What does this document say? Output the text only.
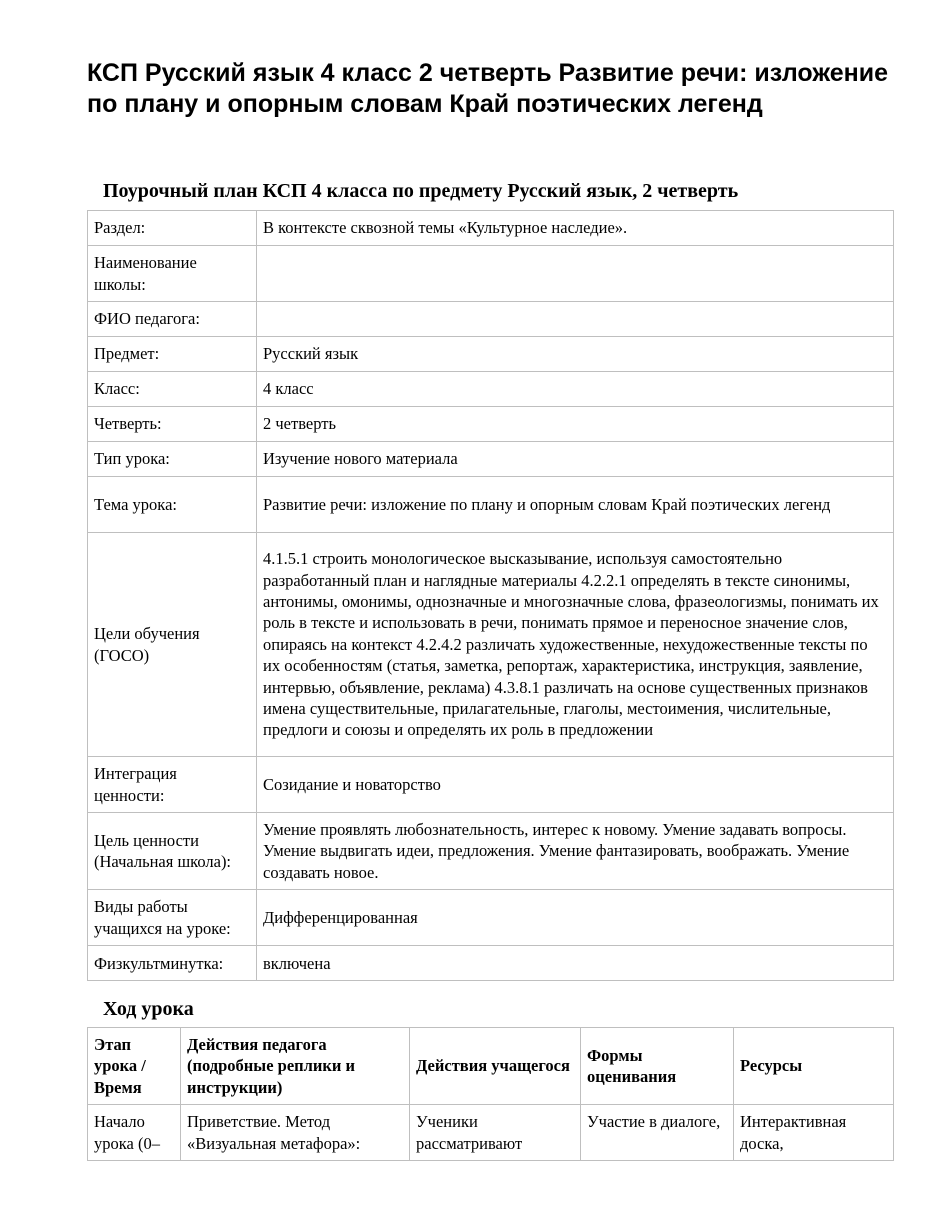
КСП Русский язык 4 класс 2 четверть Развитие речи: изложение по плану и опорным словам Край поэтических легенд
Поурочный план КСП 4 класса по предмету Русский язык, 2 четверть
Раздел:	В контексте сквозной темы «Культурное наследие».
Наименование школы:	
ФИО педагога:	
Предмет:	Русский язык
Класс:	4 класс
Четверть:	2 четверть
Тип урока:	Изучение нового материала
Тема урока:	Развитие речи: изложение по плану и опорным словам Край поэтических легенд
Цели обучения (ГОСО)	4.1.5.1 строить монологическое высказывание, используя самостоятельно разработанный план и наглядные материалы 4.2.2.1 определять в тексте синонимы, антонимы, омонимы, однозначные и многозначные слова, фразеологизмы, понимать их роль в тексте и использовать в речи, понимать прямое и переносное значение слов, опираясь на контекст 4.2.4.2 различать художественные, нехудожественные тексты по их особенностям (статья, заметка, репортаж, характеристика, инструкция, заявление, интервью, объявление, реклама) 4.3.8.1 различать на основе существенных признаков имена существительные, прилагательные, глаголы, местоимения, числительные, предлоги и союзы и определять их роль в предложении
Интеграция ценности:	Созидание и новаторство
Цель ценности (Начальная школа):	Умение проявлять любознательность, интерес к новому. Умение задавать вопросы. Умение выдвигать идеи, предложения. Умение фантазировать, воображать. Умение создавать новое.
Виды работы учащихся на уроке:	Дифференцированная
Физкультминутка:	включена
Ход урока
Этап урока / Время	Действия педагога (подробные реплики и инструкции)	Действия учащегося	Формы оценивания	Ресурсы
Начало урока (0–	Приветствие. Метод «Визуальная метафора»:	Ученики рассматривают	Участие в диалоге,	Интерактивная доска,
